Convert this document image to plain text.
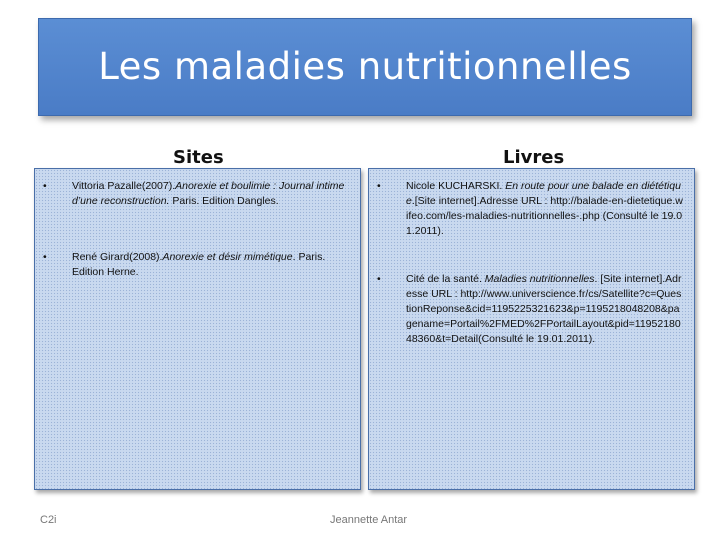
Les maladies nutritionnelles
Sites	Livres
• Vittoria Pazalle(2007).Anorexie et boulimie : Journal intime d’une reconstruction. Paris. Edition Dangles.
• René Girard(2008).Anorexie et désir mimétique. Paris. Edition Herne.
• Nicole KUCHARSKI. En route pour une balade en diététique.[Site internet].Adresse URL : http://balade-en-dietetique.wifeo.com/les-maladies-nutritionnelles-.php (Consulté le 19.01.2011).
• Cité de la santé. Maladies nutritionnelles. [Site internet].Adresse URL : http://www.universcience.fr/cs/Satellite?c=QuestionReponse&cid=1195225321623&p=1195218048208&pagename=Portail%2FMED%2FPortailLayout&pid=1195218048360&t=Detail(Consulté le 19.01.2011).
C2i	Jeannette Antar
